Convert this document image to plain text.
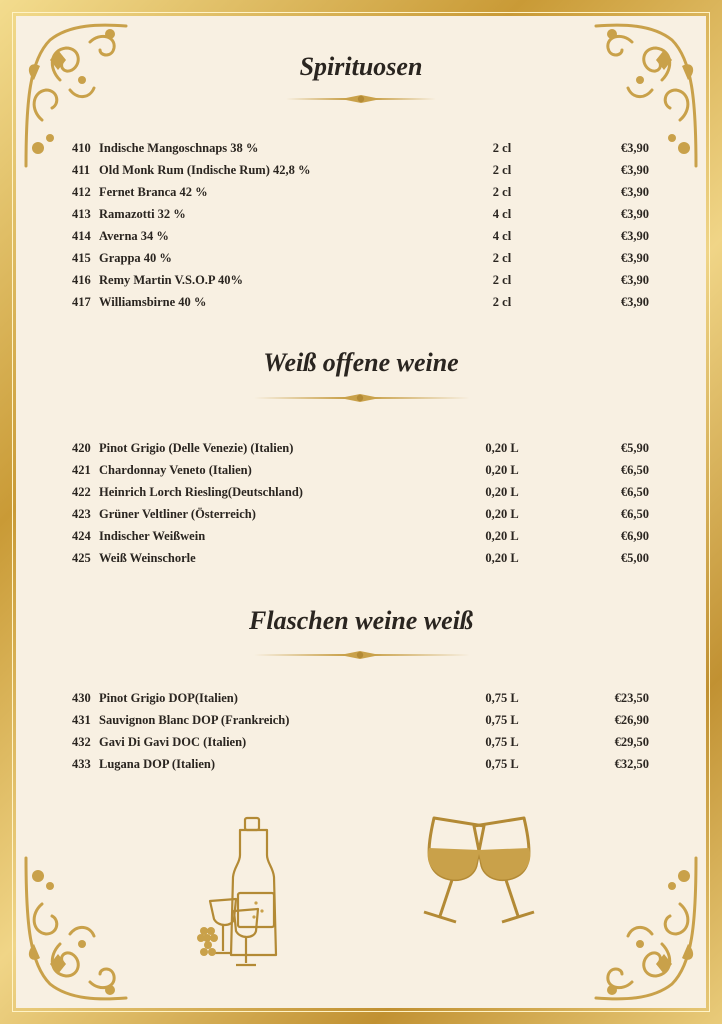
Spirituosen
410 Indische Mangoschnaps 38 %	2 cl	€3,90
411 Old Monk Rum (Indische Rum) 42,8 %	2 cl	€3,90
412 Fernet Branca 42 %	2 cl	€3,90
413 Ramazotti 32 %	4 cl	€3,90
414 Averna 34 %	4 cl	€3,90
415 Grappa 40 %	2 cl	€3,90
416 Remy Martin V.S.O.P 40%	2 cl	€3,90
417 Williamsbirne 40 %	2 cl	€3,90
Weiß offene weine
420 Pinot Grigio (Delle Venezie) (Italien)	0,20 L	€5,90
421 Chardonnay Veneto (Italien)	0,20 L	€6,50
422 Heinrich Lorch Riesling(Deutschland)	0,20 L	€6,50
423 Grüner Veltliner (Österreich)	0,20 L	€6,50
424 Indischer Weißwein	0,20 L	€6,90
425 Weiß Weinschorle	0,20 L	€5,00
Flaschen weine weiß
430 Pinot Grigio DOP(Italien)	0,75 L	€23,50
431 Sauvignon Blanc DOP (Frankreich)	0,75 L	€26,90
432 Gavi Di Gavi DOC (Italien)	0,75 L	€29,50
433 Lugana DOP (Italien)	0,75 L	€32,50
